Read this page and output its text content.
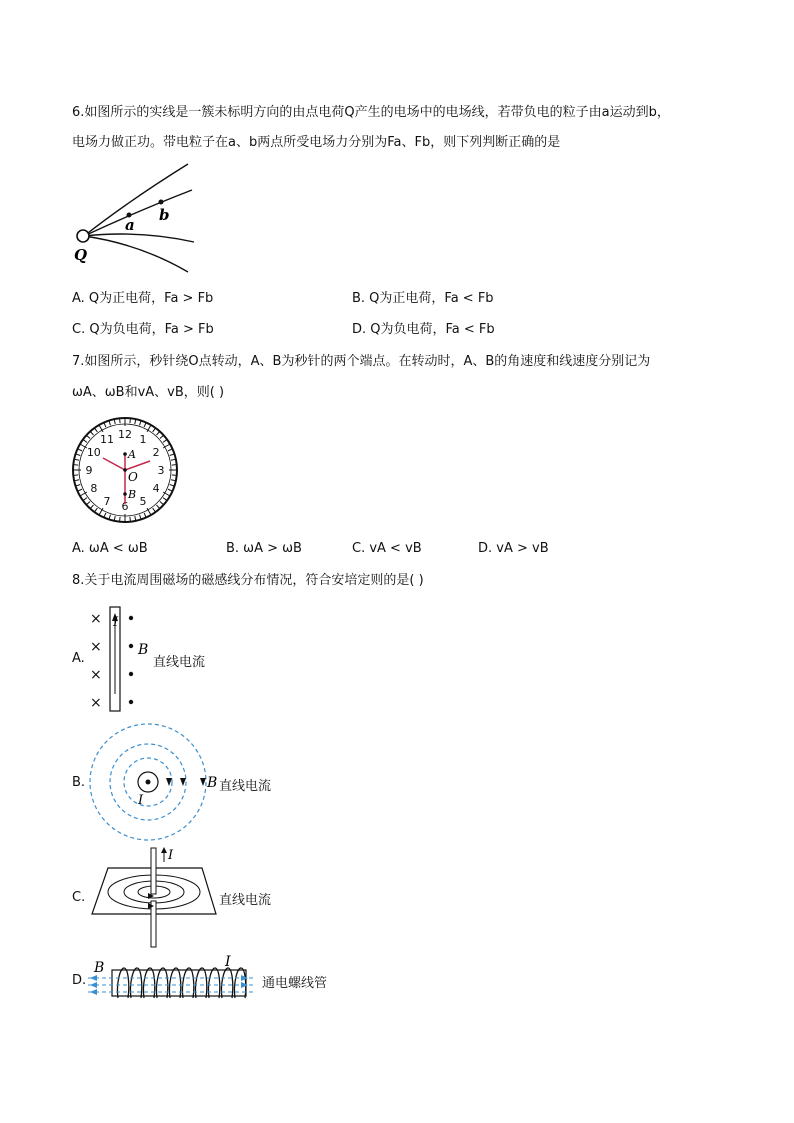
6.如图所示的实线是一簇未标明方向的由点电荷Q产生的电场中的电场线，若带负电的粒子由a运动到b，
电场力做正功。带电粒子在a、b两点所受电场力分别为Fa、Fb，则下列判断正确的是
a
b
Q
A. Q为正电荷，Fa > Fb	B. Q为正电荷，Fa < Fb
C. Q为负电荷，Fa > Fb	D. Q为负电荷，Fa < Fb
7.如图所示，秒针绕O点转动，A、B为秒针的两个端点。在转动时，A、B的角速度和线速度分别记为
ωA、ωB和vA、vB，则( )
12 1
2
3
4
5
6
7
8
9
10
11
A
O
B
A. ωA < ωB	B. ωA > ωB	C. vA < vB	D. vA > vB
8.关于电流周围磁场的磁感线分布情况，符合安培定则的是( )
A.
×
×
×
×
I
B
直线电流
B.
I
B 直线电流
C.
I
直线电流
D.
B	I
通电螺线管
